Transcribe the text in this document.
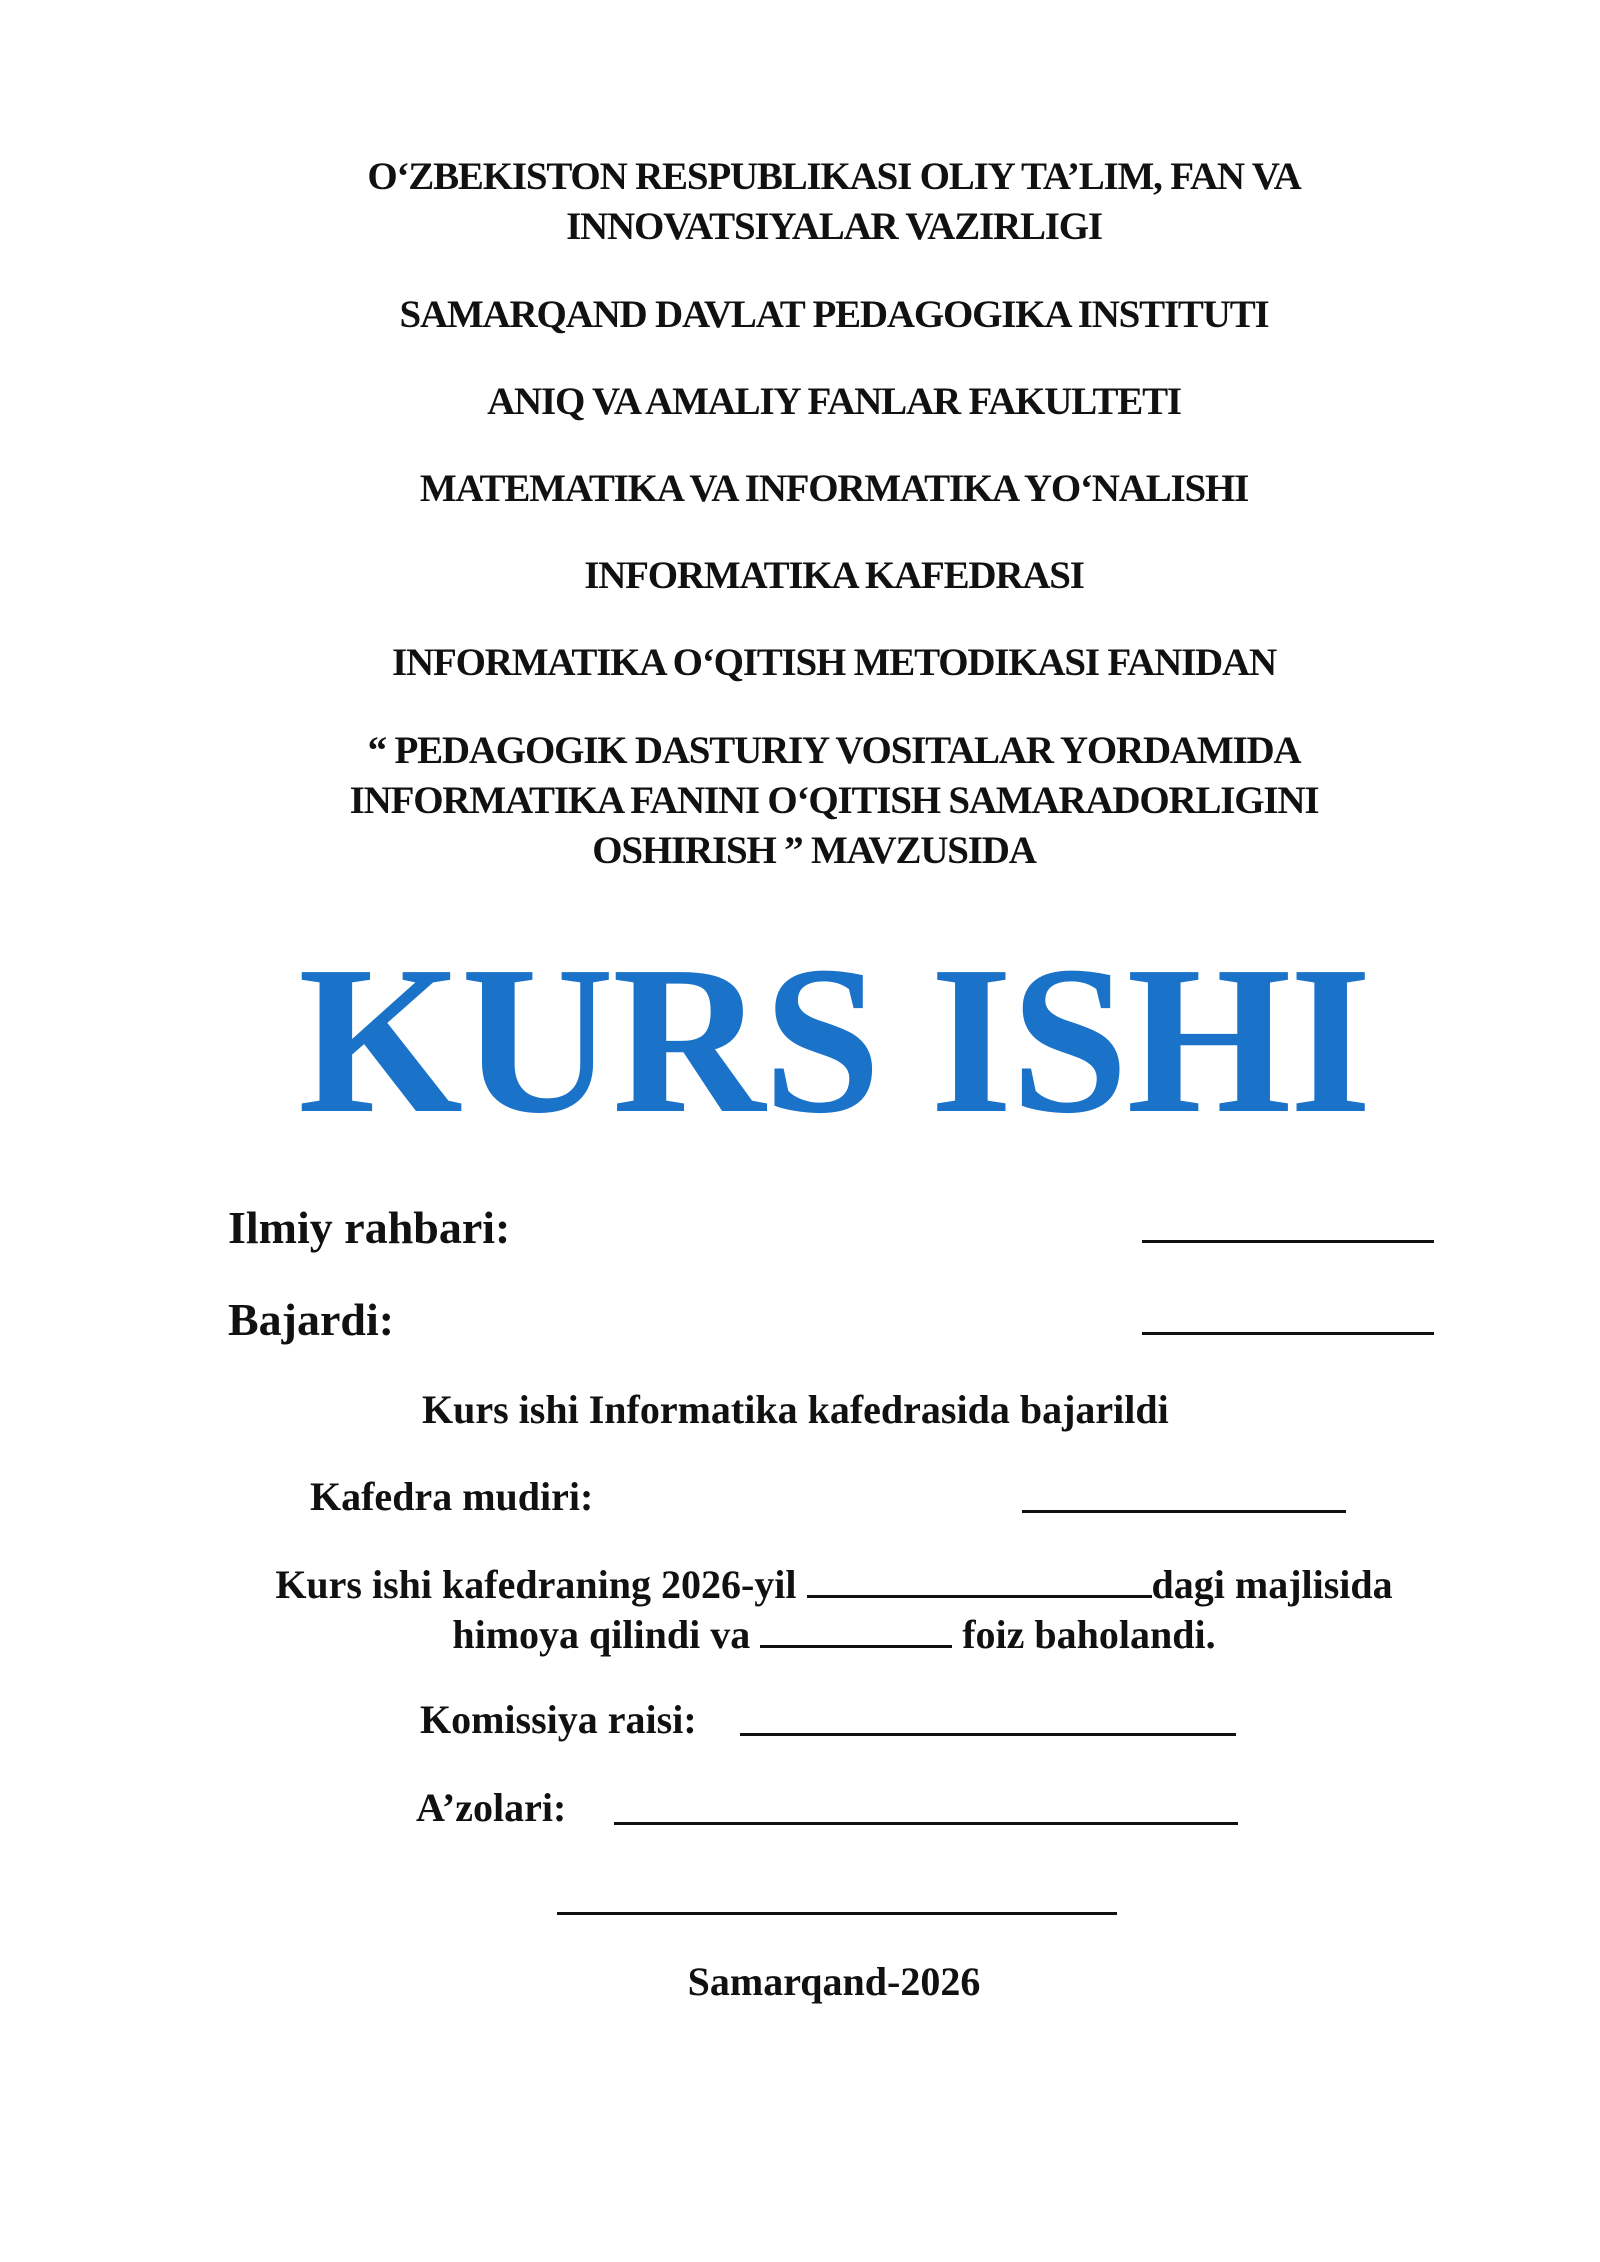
O‘ZBEKISTON RESPUBLIKASI OLIY TA’LIM, FAN VA
INNOVATSIYALAR VAZIRLIGI

SAMARQAND DAVLAT PEDAGOGIKA INSTITUTI

ANIQ VA AMALIY FANLAR FAKULTETI

MATEMATIKA VA INFORMATIKA YO‘NALISHI

INFORMATIKA KAFEDRASI

INFORMATIKA O‘QITISH METODIKASI FANIDAN

“ PEDAGOGIK DASTURIY VOSITALAR YORDAMIDA
INFORMATIKA FANINI O‘QITISH SAMARADORLIGINI
OSHIRISH ” MAVZUSIDA

KURS ISHI

Ilmiy rahbari:
Bajardi:
Kurs ishi Informatika kafedrasida bajarildi
Kafedra mudiri:
Kurs ishi kafedraning 2026-yil	dagi majlisida
himoya qilindi va	foiz baholandi.
Komissiya raisi:
A’zolari:
Samarqand-2026
